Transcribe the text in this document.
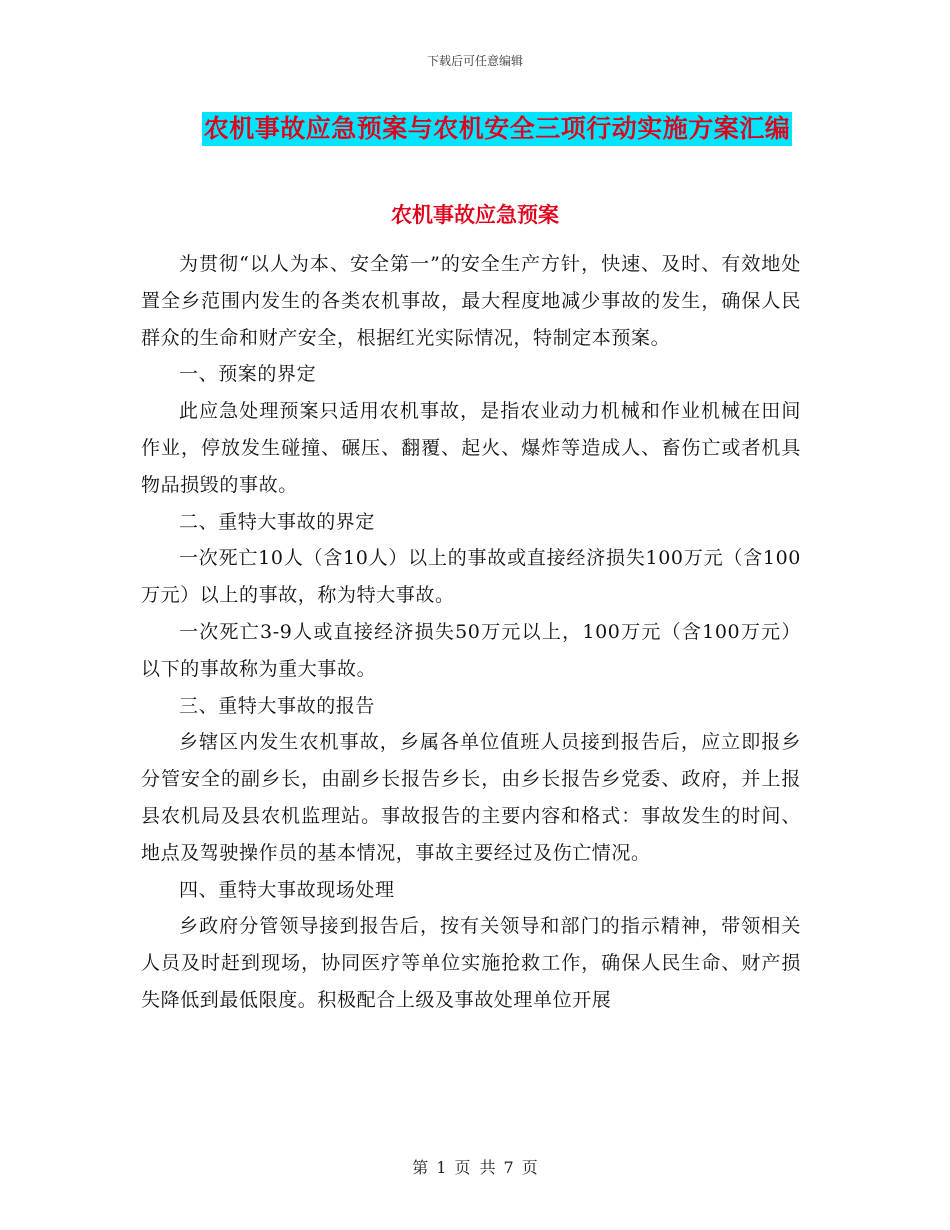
下载后可任意编辑
农机事故应急预案与农机安全三项行动实施方案汇编
农机事故应急预案

为贯彻“以人为本、安全第一”的安全生产方针，快速、及时、有效地处置全乡范围内发生的各类农机事故，最大程度地减少事故的发生，确保人民群众的生命和财产安全，根据红光实际情况，特制定本预案。

一、预案的界定

此应急处理预案只适用农机事故，是指农业动力机械和作业机械在田间作业，停放发生碰撞、碾压、翻覆、起火、爆炸等造成人、畜伤亡或者机具物品损毁的事故。

二、重特大事故的界定

一次死亡10人（含10人）以上的事故或直接经济损失100万元（含100万元）以上的事故，称为特大事故。

一次死亡3-9人或直接经济损失50万元以上，100万元（含100万元）以下的事故称为重大事故。

三、重特大事故的报告

乡辖区内发生农机事故，乡属各单位值班人员接到报告后，应立即报乡分管安全的副乡长，由副乡长报告乡长，由乡长报告乡党委、政府，并上报县农机局及县农机监理站。事故报告的主要内容和格式：事故发生的时间、地点及驾驶操作员的基本情况，事故主要经过及伤亡情况。

四、重特大事故现场处理

乡政府分管领导接到报告后，按有关领导和部门的指示精神，带领相关人员及时赶到现场，协同医疗等单位实施抢救工作，确保人民生命、财产损失降低到最低限度。积极配合上级及事故处理单位开展

第 1 页 共 7 页
